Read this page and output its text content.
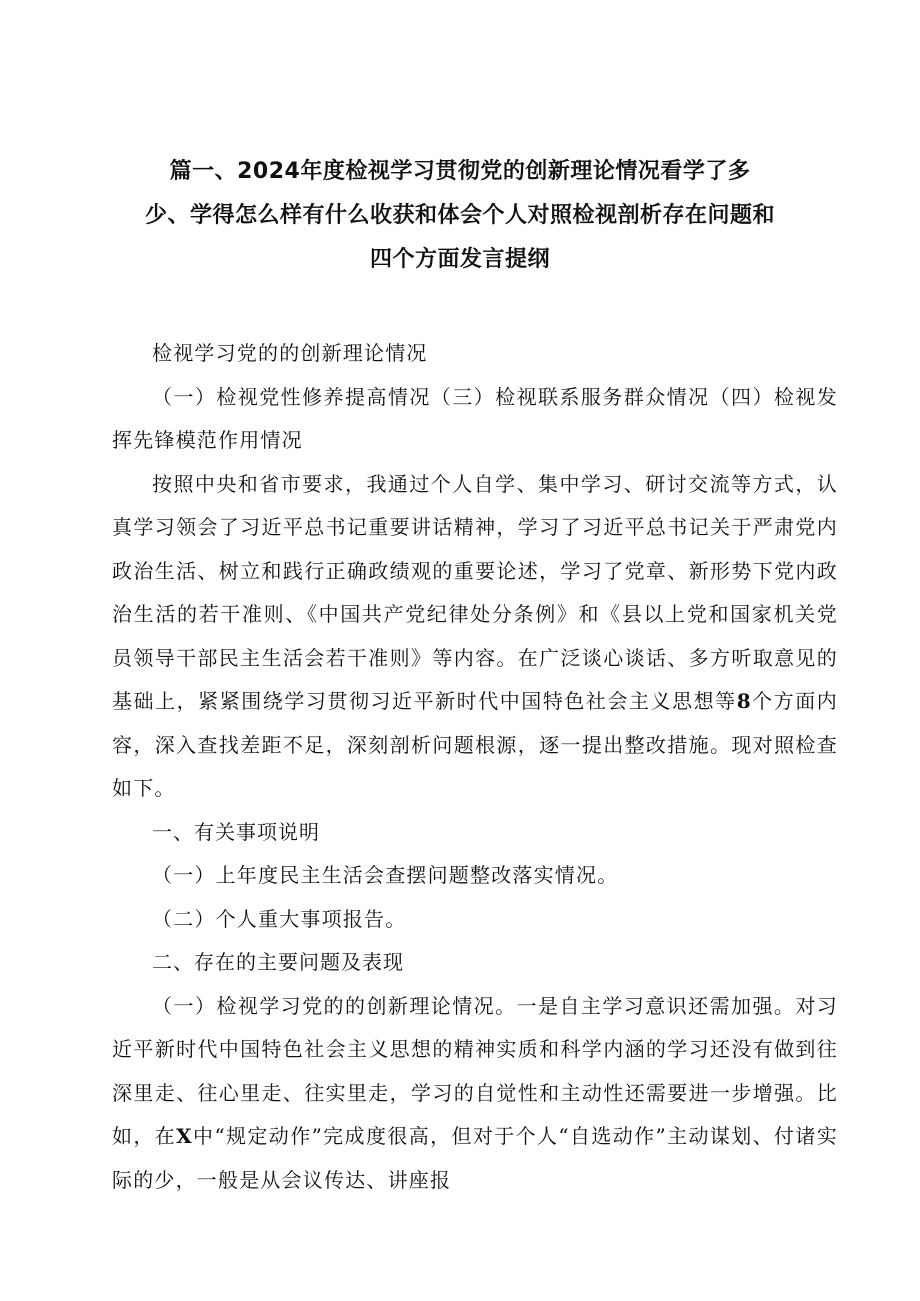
篇一、2024年度检视学习贯彻党的创新理论情况看学了多
少、学得怎么样有什么收获和体会个人对照检视剖析存在问题和
四个方面发言提纲

检视学习党的的创新理论情况

（一）检视党性修养提高情况（三）检视联系服务群众情况（四）检视发挥先锋模范作用情况

按照中央和省市要求，我通过个人自学、集中学习、研讨交流等方式，认真学习领会了习近平总书记重要讲话精神，学习了习近平总书记关于严肃党内政治生活、树立和践行正确政绩观的重要论述，学习了党章、新形势下党内政治生活的若干准则、《中国共产党纪律处分条例》和《县以上党和国家机关党员领导干部民主生活会若干准则》等内容。在广泛谈心谈话、多方听取意见的基础上，紧紧围绕学习贯彻习近平新时代中国特色社会主义思想等8个方面内容，深入查找差距不足，深刻剖析问题根源，逐一提出整改措施。现对照检查如下。

一、有关事项说明

（一）上年度民主生活会查摆问题整改落实情况。

（二）个人重大事项报告。

二、存在的主要问题及表现

（一）检视学习党的的创新理论情况。一是自主学习意识还需加强。对习近平新时代中国特色社会主义思想的精神实质和科学内涵的学习还没有做到往深里走、往心里走、往实里走，学习的自觉性和主动性还需要进一步增强。比如，在X中“规定动作”完成度很高，但对于个人“自选动作”主动谋划、付诸实际的少，一般是从会议传达、讲座报
